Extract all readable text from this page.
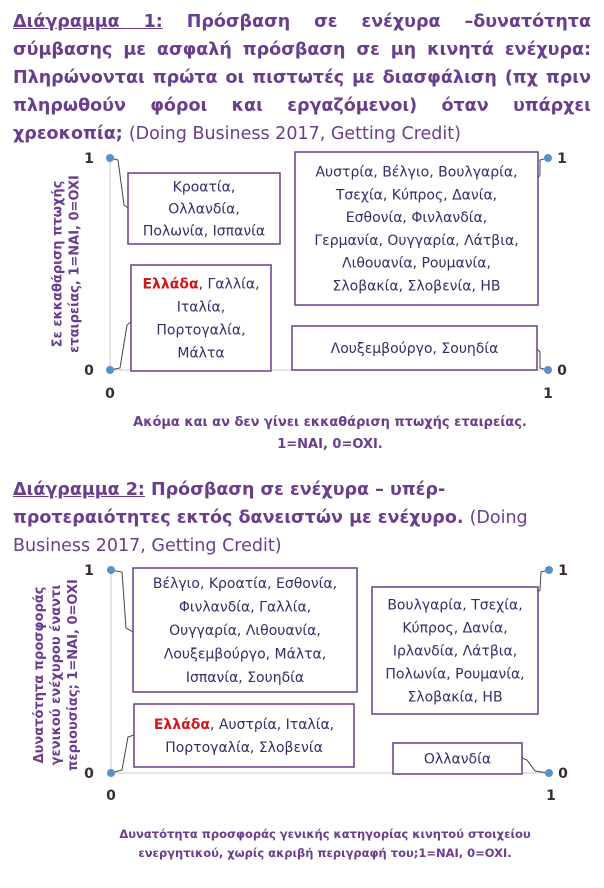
Διάγραμμα 1: Πρόσβαση σε ενέχυρα –δυνατότητα σύμβασης με ασφαλή πρόσβαση σε μη κινητά ενέχυρα: Πληρώνονται πρώτα οι πιστωτές με διασφάλιση (πχ πριν πληρωθούν φόροι και εργαζόμενοι) όταν υπάρχει χρεοκοπία; (Doing Business 2017, Getting Credit)
0	1
0
1
0
1
Σε εκκαθάριση πτωχής εταιρείας, 1=NAI, 0=OXI
Ακόμα και αν δεν γίνει εκκαθάριση πτωχής εταιρείας. 1=NAI, 0=OXI.
Κροατία,
Ολλανδία,
Πολωνία, Ισπανία
Ελλάδα, Γαλλία,
Ιταλία,
Πορτογαλία,
Μάλτα
Αυστρία, Βέλγιο, Βουλγαρία,
Τσεχία, Κύπρος, Δανία,
Εσθονία, Φινλανδία,
Γερμανία, Ουγγαρία, Λάτβια,
Λιθουανία, Ρουμανία,
Σλοβακία, Σλοβενία, ΗΒ
Λουξεμβούργο, Σουηδία
Διάγραμμα 2: Πρόσβαση σε ενέχυρα – υπέρ-προτεραιότητες εκτός δανειστών με ενέχυρο. (Doing Business 2017, Getting Credit)
0	1
0
1
0
1
Δυνατότητα προσφοράς γενικού ενέχυρου έναντι περιουσίας; 1=NAI, 0=OXI
Δυνατότητα προσφοράς γενικής κατηγορίας κινητού στοιχείου ενεργητικού, χωρίς ακριβή περιγραφή του;1=NAI, 0=OXI.
Βέλγιο, Κροατία, Εσθονία,
Φινλανδία, Γαλλία,
Ουγγαρία, Λιθουανία,
Λουξεμβούργο, Μάλτα,
Ισπανία, Σουηδία
Ελλάδα, Αυστρία, Ιταλία,
Πορτογαλία, Σλοβενία
Βουλγαρία, Τσεχία,
Κύπρος, Δανία,
Ιρλανδία, Λάτβια,
Πολωνία, Ρουμανία,
Σλοβακία, ΗΒ
Ολλανδία
